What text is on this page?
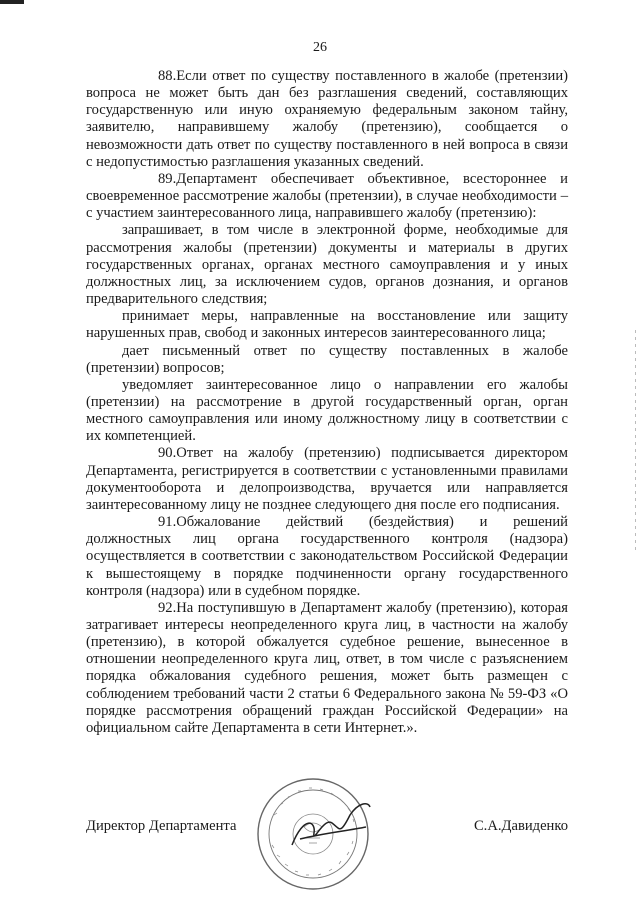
26

88.Если ответ по существу поставленного в жалобе (претензии) вопроса не может быть дан без разглашения сведений, составляющих государственную или иную охраняемую федеральным законом тайну, заявителю, направившему жалобу (претензию), сообщается о невозможности дать ответ по существу поставленного в ней вопроса в связи с недопустимостью разглашения указанных сведений.

89.Департамент обеспечивает объективное, всестороннее и своевременное рассмотрение жалобы (претензии), в случае необходимости – с участием заинтересованного лица, направившего жалобу (претензию):

запрашивает, в том числе в электронной форме, необходимые для рассмотрения жалобы (претензии) документы и материалы в других государственных органах, органах местного самоуправления и у иных должностных лиц, за исключением судов, органов дознания, и органов предварительного следствия;

принимает меры, направленные на восстановление или защиту нарушенных прав, свобод и законных интересов заинтересованного лица;

дает письменный ответ по существу поставленных в жалобе (претензии) вопросов;

уведомляет заинтересованное лицо о направлении его жалобы (претензии) на рассмотрение в другой государственный орган, орган местного самоуправления или иному должностному лицу в соответствии с их компетенцией.

90.Ответ на жалобу (претензию) подписывается директором Департамента, регистрируется в соответствии с установленными правилами документооборота и делопроизводства, вручается или направляется заинтересованному лицу не позднее следующего дня после его подписания.

91.Обжалование действий (бездействия) и решений должностных лиц органа государственного контроля (надзора) осуществляется в соответствии с законодательством Российской Федерации к вышестоящему в порядке подчиненности органу государственного контроля (надзора) или в судебном порядке.

92.На поступившую в Департамент жалобу (претензию), которая затрагивает интересы неопределенного круга лиц, в частности на жалобу (претензию), в которой обжалуется судебное решение, вынесенное в отношении неопределенного круга лиц, ответ, в том числе с разъяснением порядка обжалования судебного решения, может быть размещен с соблюдением требований части 2 статьи 6 Федерального закона № 59-ФЗ «О порядке рассмотрения обращений граждан Российской Федерации» на официальном сайте Департамента в сети Интернет.».

Директор Департамента	С.А.Давиденко
